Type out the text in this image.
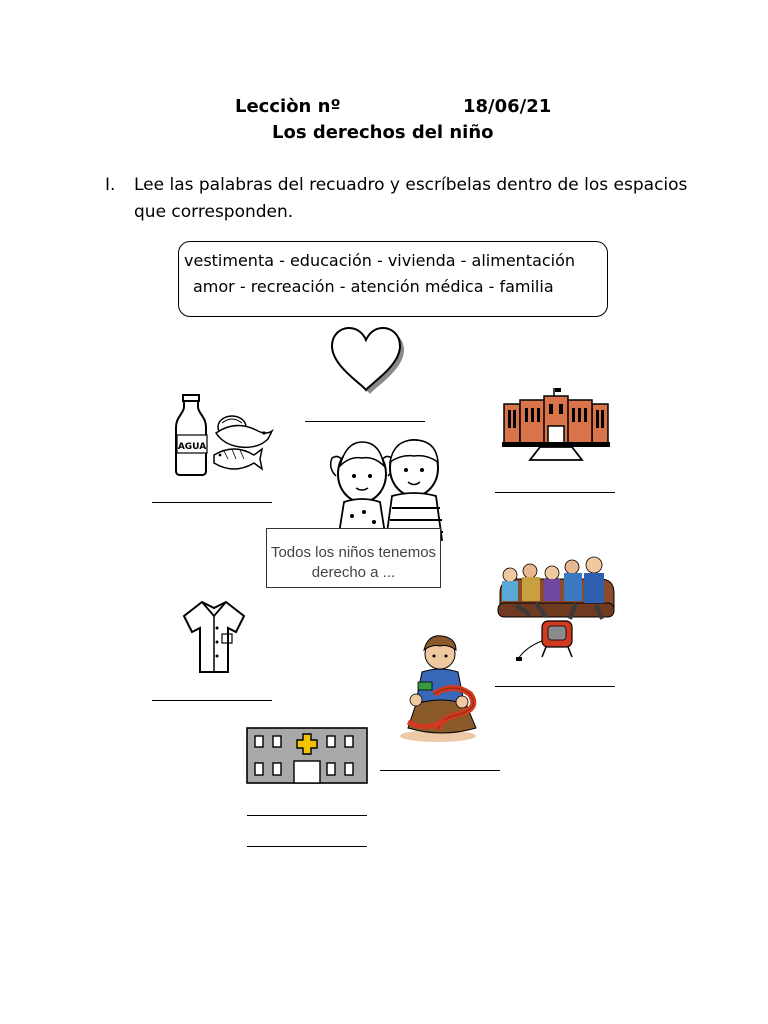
Lecciòn nº	18/06/21
Los derechos del niño
I. Lee las palabras del recuadro y escríbelas dentro de los espacios
que corresponden.
vestimenta - educación - vivienda - alimentación
amor - recreación - atención médica - familia
AGUA
Todos los niños tenemos
derecho a ...
